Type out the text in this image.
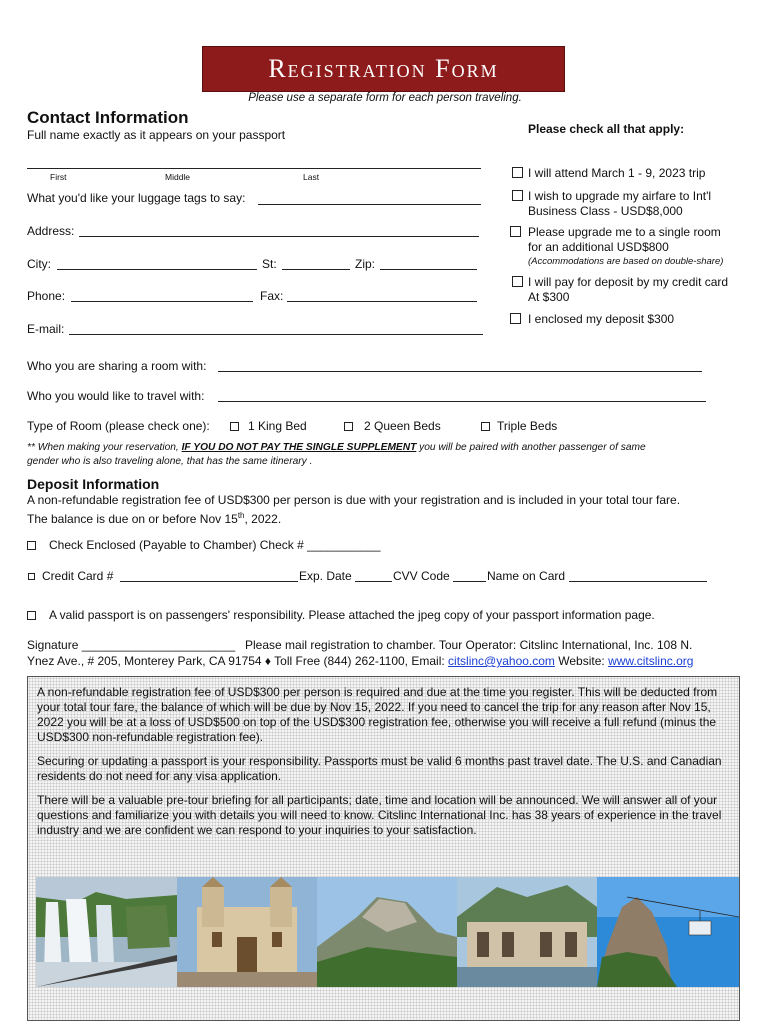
Registration Form
Please use a separate form for each person traveling.
Contact Information
Full name exactly as it appears on your passport
First	Middle	Last
What you'd like your luggage tags to say:
Address:
City:	St:	Zip:
Phone:	Fax:
E-mail:
Please check all that apply:
I will attend March 1 - 9, 2023 trip
I wish to upgrade my airfare to Int'l
Business Class - USD$8,000
Please upgrade me to a single room
for an additional USD$800
(Accommodations are based on double-share)
I will pay for deposit by my credit card
At $300
I enclosed my deposit $300
Who you are sharing a room with:
Who you would like to travel with:
Type of Room (please check one):	1 King Bed	2 Queen Beds	Triple Beds
** When making your reservation, IF YOU DO NOT PAY THE SINGLE SUPPLEMENT you will be paired with another passenger of same
gender who is also traveling alone, that has the same itinerary .
Deposit Information
A non-refundable registration fee of USD$300 per person is due with your registration and is included in your total tour fare.
The balance is due on or before Nov 15th, 2022.
Check Enclosed (Payable to Chamber) Check # ___________
Credit Card #	Exp. Date	CVV Code	Name on Card
A valid passport is on passengers' responsibility. Please attached the jpeg copy of your passport information page.
Signature _______________________ Please mail registration to chamber. Tour Operator: Citslinc International, Inc. 108 N.
Ynez Ave., # 205, Monterey Park, CA 91754 ♦ Toll Free (844) 262-1100, Email: citslinc@yahoo.com Website: www.citslinc.org

A non-refundable registration fee of USD$300 per person is required and due at the time you register. This will be deducted from your total tour fare, the balance of which will be due by Nov 15, 2022. If you need to cancel the trip for any reason after Nov 15, 2022 you will be at a loss of USD$500 on top of the USD$300 registration fee, otherwise you will receive a full refund (minus the USD$300 non-refundable registration fee).

Securing or updating a passport is your responsibility. Passports must be valid 6 months past travel date. The U.S. and Canadian residents do not need for any visa application.

There will be a valuable pre-tour briefing for all participants; date, time and location will be announced. We will answer all of your questions and familiarize you with details you will need to know. Citslinc International Inc. has 38 years of experience in the travel industry and we are confident we can respond to your inquiries to your satisfaction.
